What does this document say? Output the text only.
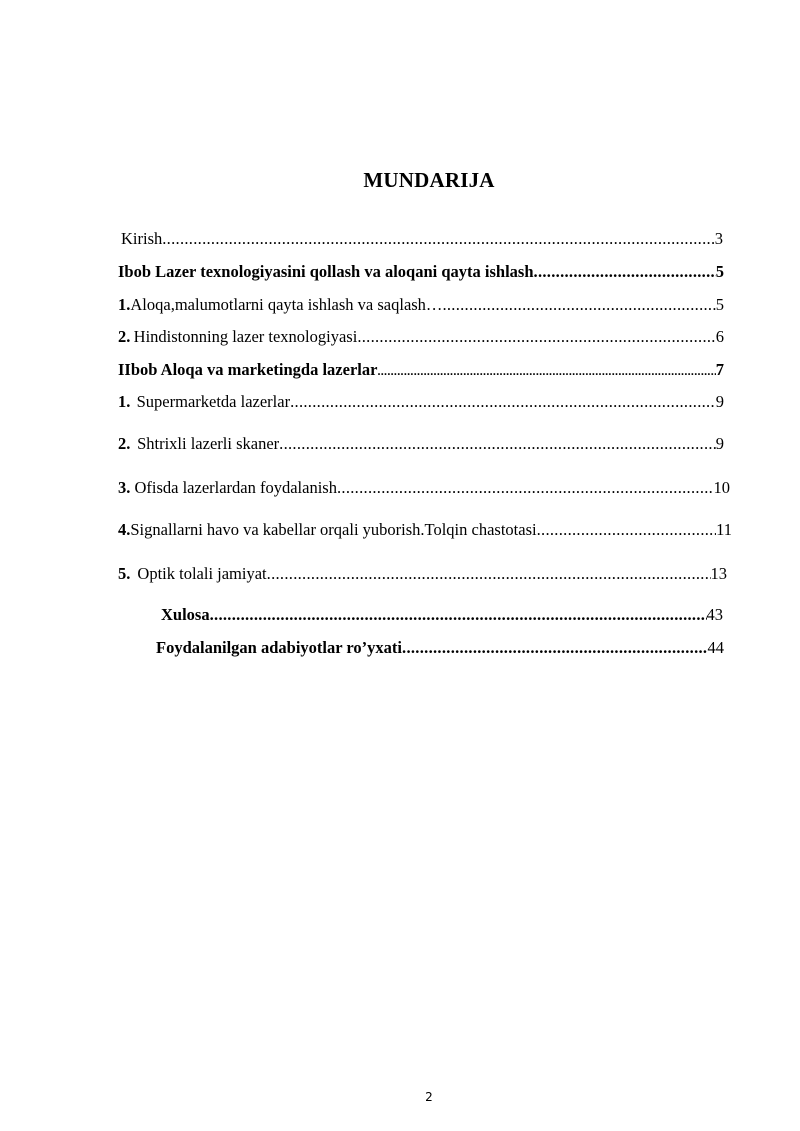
MUNDARIJA
Kirish .....	3
I bob Lazer texnologiyasini qollash va aloqani qayta ishlash .....	5
1. Aloqa,malumotlarni qayta ishlash va saqlash… .....	5
2. Hindistonning lazer texnologiyasi .....	6
II bob Aloqa va marketingda lazerlar .....	7
1. Supermarketda lazerlar .....	9
2. Shtrixli lazerli skaner .....	9
3. Ofisda lazerlardan foydalanish .....	10
4. Signallarni havo va kabellar orqali yuborish.Tolqin chastotasi .....	11
5. Optik tolali jamiyat .....	13
Xulosa .....	43
Foydalanilgan adabiyotlar ro’yxati .....	44
2
